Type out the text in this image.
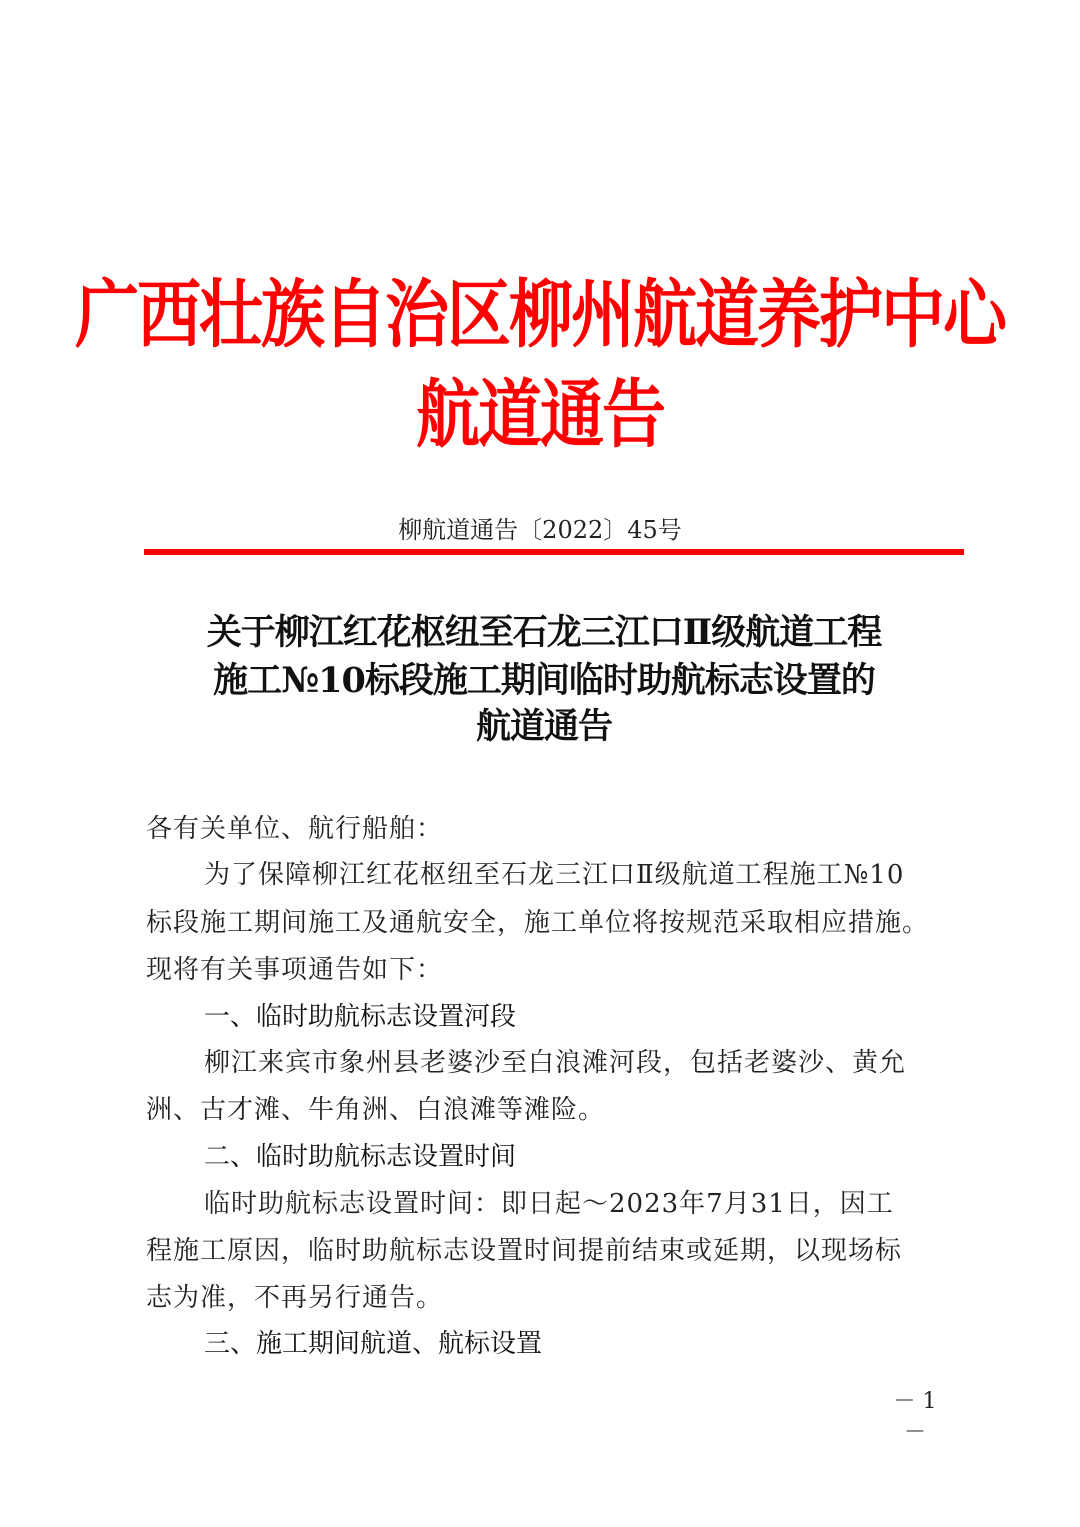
广西壮族自治区柳州航道养护中心
航道通告
柳航道通告〔2022〕45号
关于柳江红花枢纽至石龙三江口Ⅱ级航道工程
施工№10标段施工期间临时助航标志设置的
航道通告
各有关单位、航行船舶：
为了保障柳江红花枢纽至石龙三江口Ⅱ级航道工程施工№10
标段施工期间施工及通航安全，施工单位将按规范采取相应措施。
现将有关事项通告如下：
一、临时助航标志设置河段
柳江来宾市象州县老婆沙至白浪滩河段，包括老婆沙、黄允
洲、古才滩、牛角洲、白浪滩等滩险。
二、临时助航标志设置时间
临时助航标志设置时间：即日起～2023年7月31日，因工
程施工原因，临时助航标志设置时间提前结束或延期，以现场标
志为准，不再另行通告。
三、施工期间航道、航标设置
－ 1 －
